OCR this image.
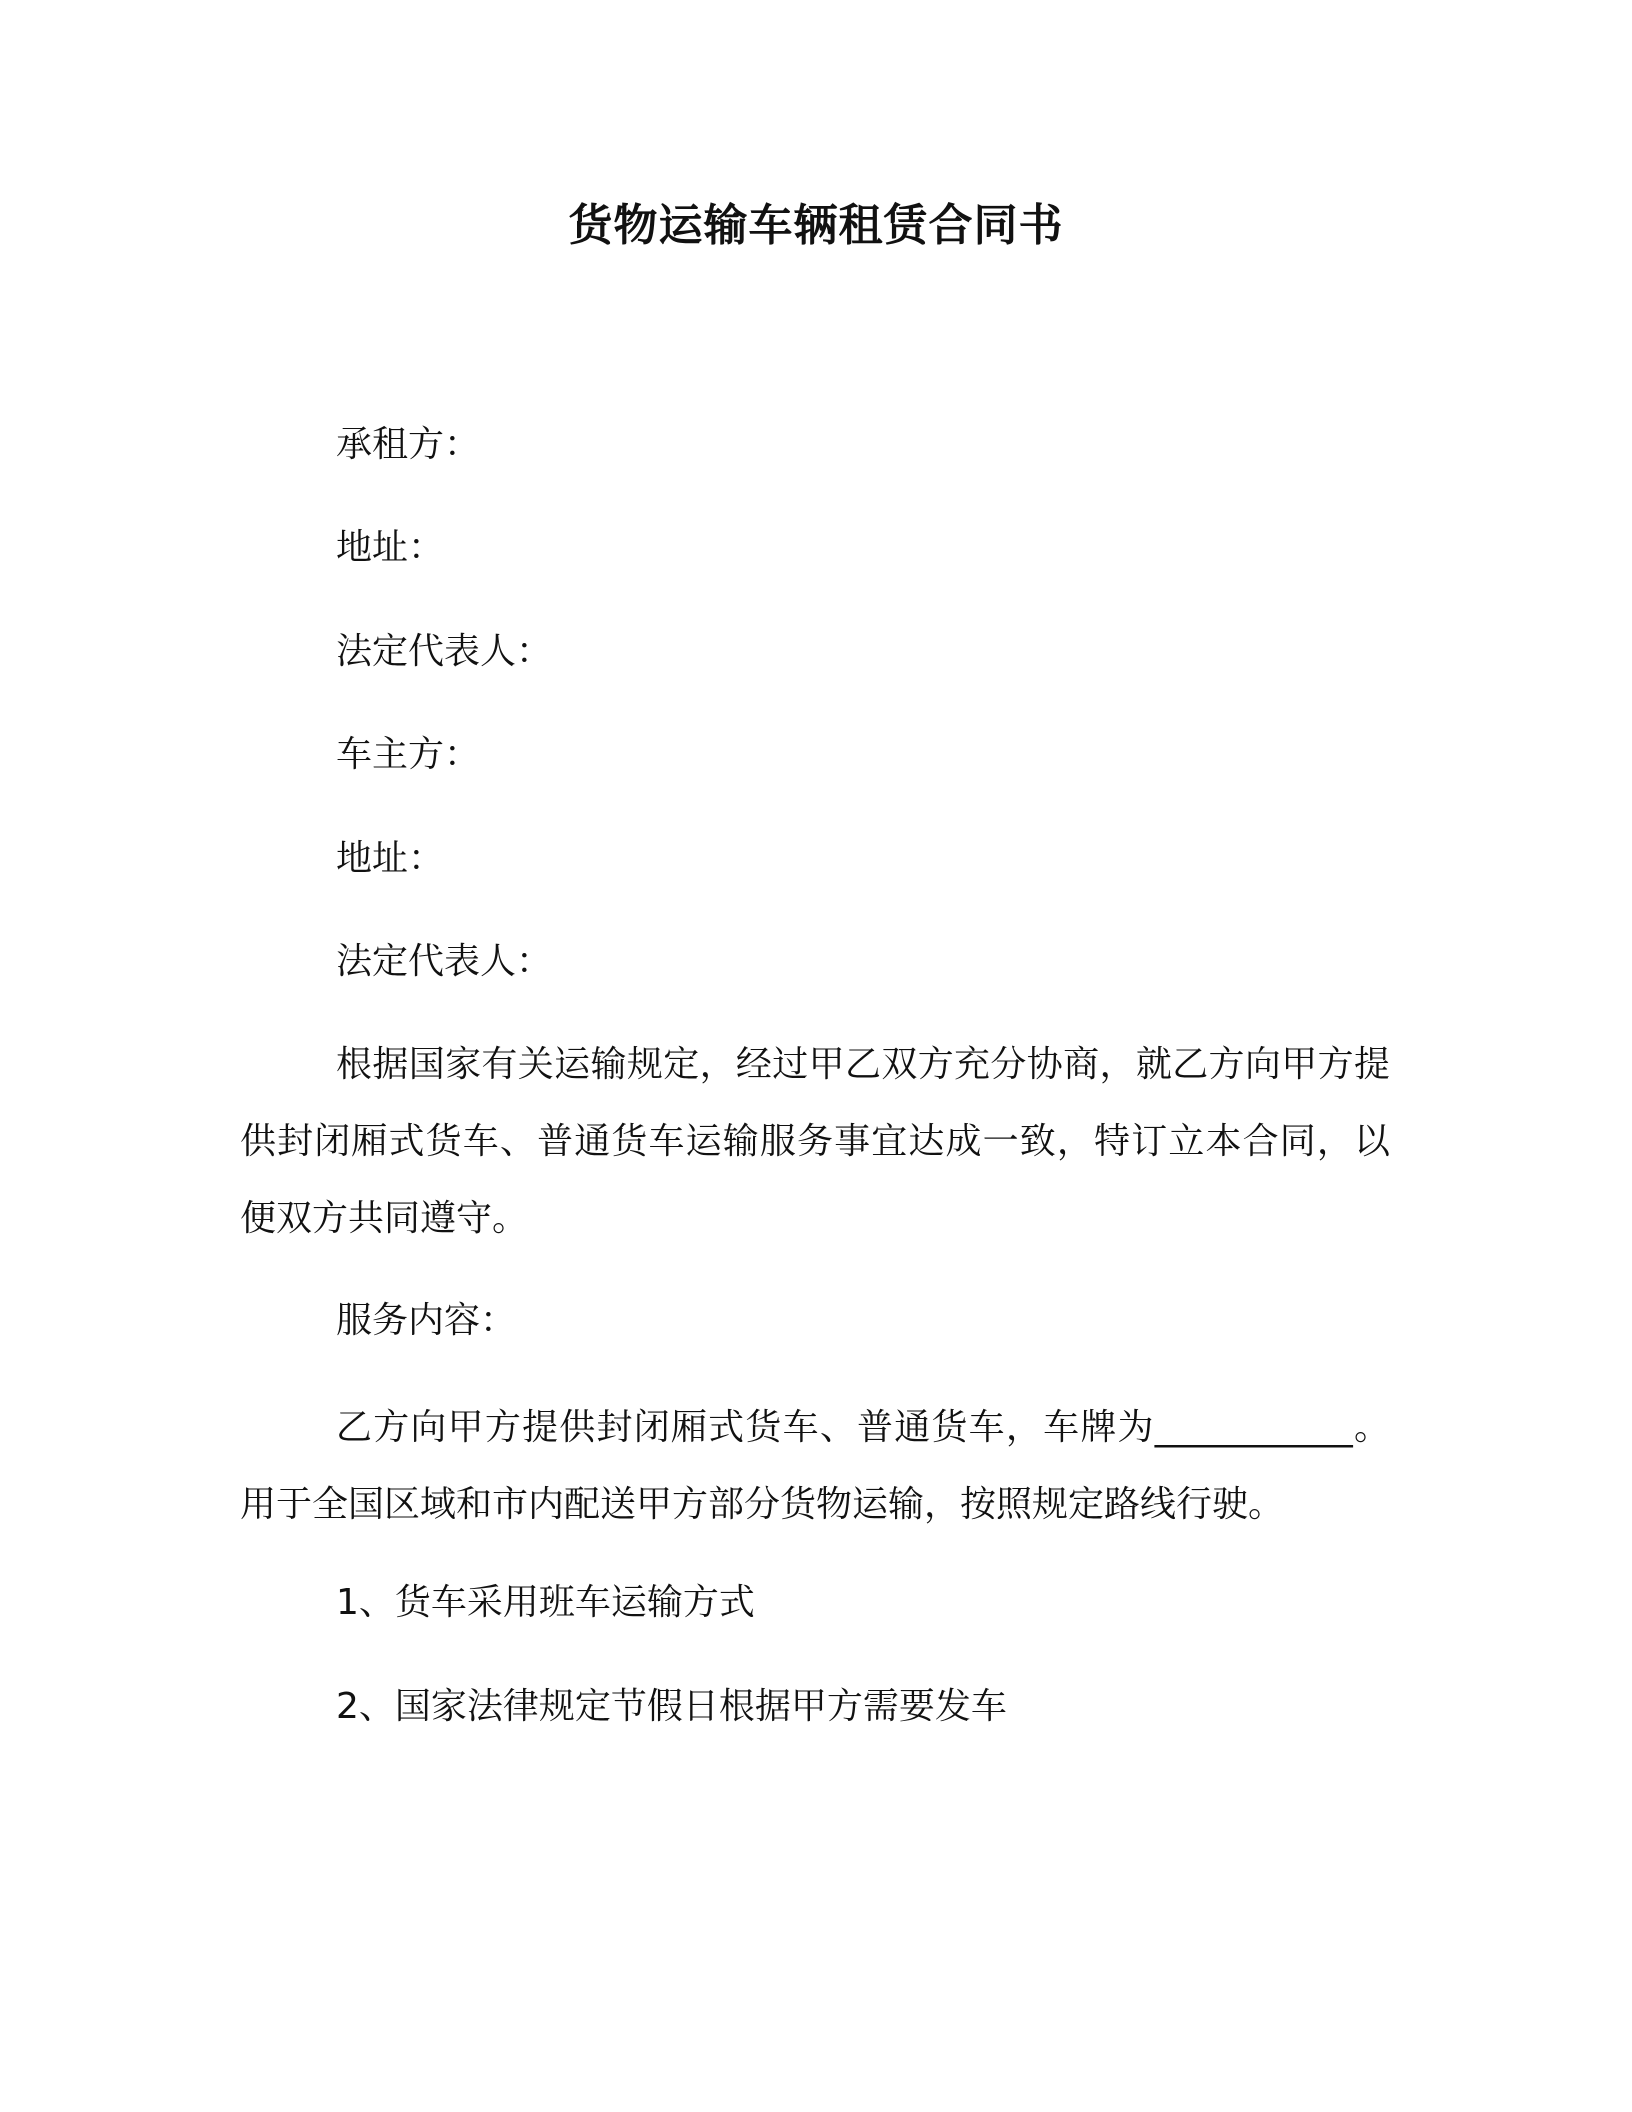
货物运输车辆租赁合同书
承租方：
地址：
法定代表人：
车主方：
地址：
法定代表人：
根据国家有关运输规定，经过甲乙双方充分协商，就乙方向甲方提供封闭厢式货车、普通货车运输服务事宜达成一致，特订立本合同，以便双方共同遵守。
服务内容：
乙方向甲方提供封闭厢式货车、普通货车，车牌为___________。用于全国区域和市内配送甲方部分货物运输，按照规定路线行驶。
1、货车采用班车运输方式
2、国家法律规定节假日根据甲方需要发车
